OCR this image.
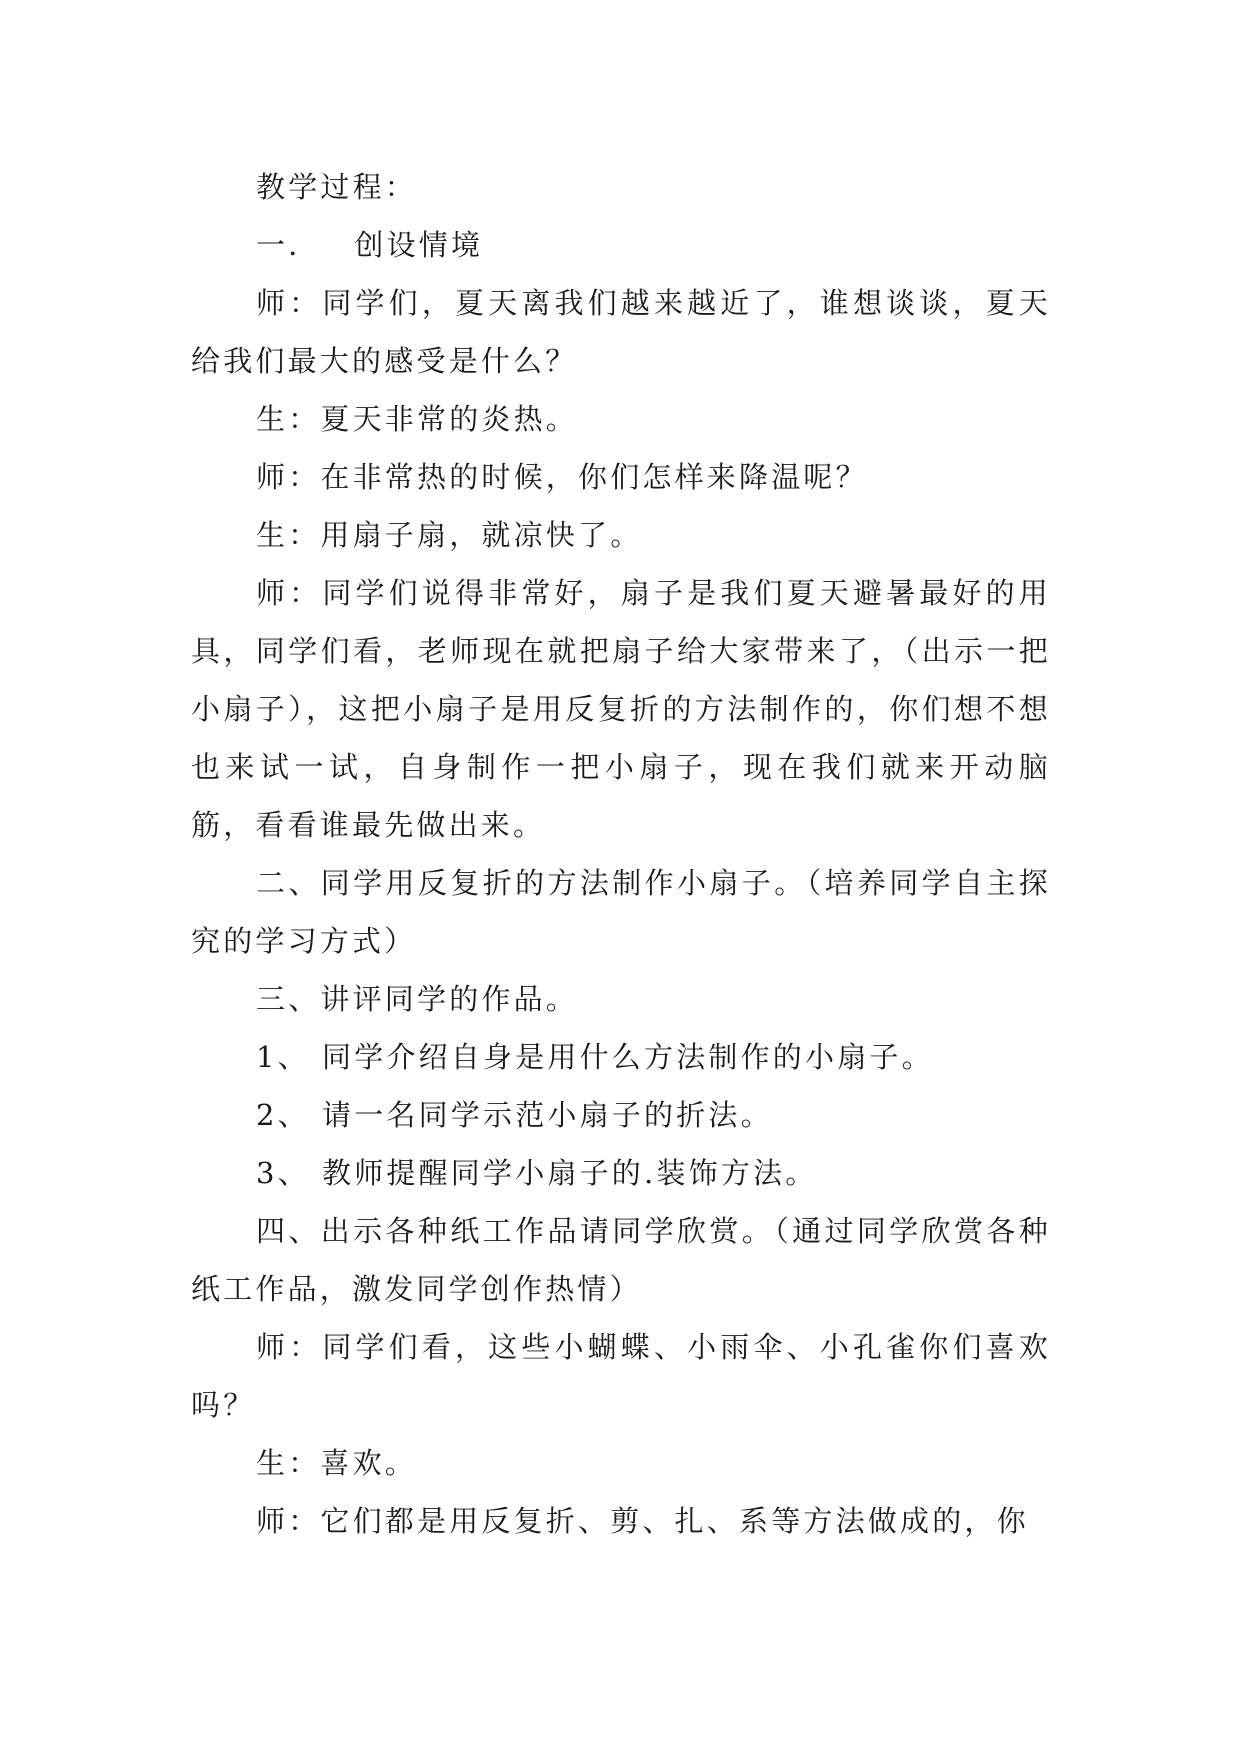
教学过程：

一． 创设情境

师：同学们，夏天离我们越来越近了，谁想谈谈，夏天给我们最大的感受是什么？

生：夏天非常的炎热。

师：在非常热的时候，你们怎样来降温呢？

生：用扇子扇，就凉快了。

师：同学们说得非常好，扇子是我们夏天避暑最好的用具，同学们看，老师现在就把扇子给大家带来了，（出示一把小扇子），这把小扇子是用反复折的方法制作的，你们想不想也来试一试，自身制作一把小扇子，现在我们就来开动脑筋，看看谁最先做出来。

二、同学用反复折的方法制作小扇子。（培养同学自主探究的学习方式）

三、讲评同学的作品。

1、 同学介绍自身是用什么方法制作的小扇子。

2、 请一名同学示范小扇子的折法。

3、 教师提醒同学小扇子的.装饰方法。

四、出示各种纸工作品请同学欣赏。（通过同学欣赏各种纸工作品，激发同学创作热情）

师：同学们看，这些小蝴蝶、小雨伞、小孔雀你们喜欢吗？

生：喜欢。

师：它们都是用反复折、剪、扎、系等方法做成的，你
